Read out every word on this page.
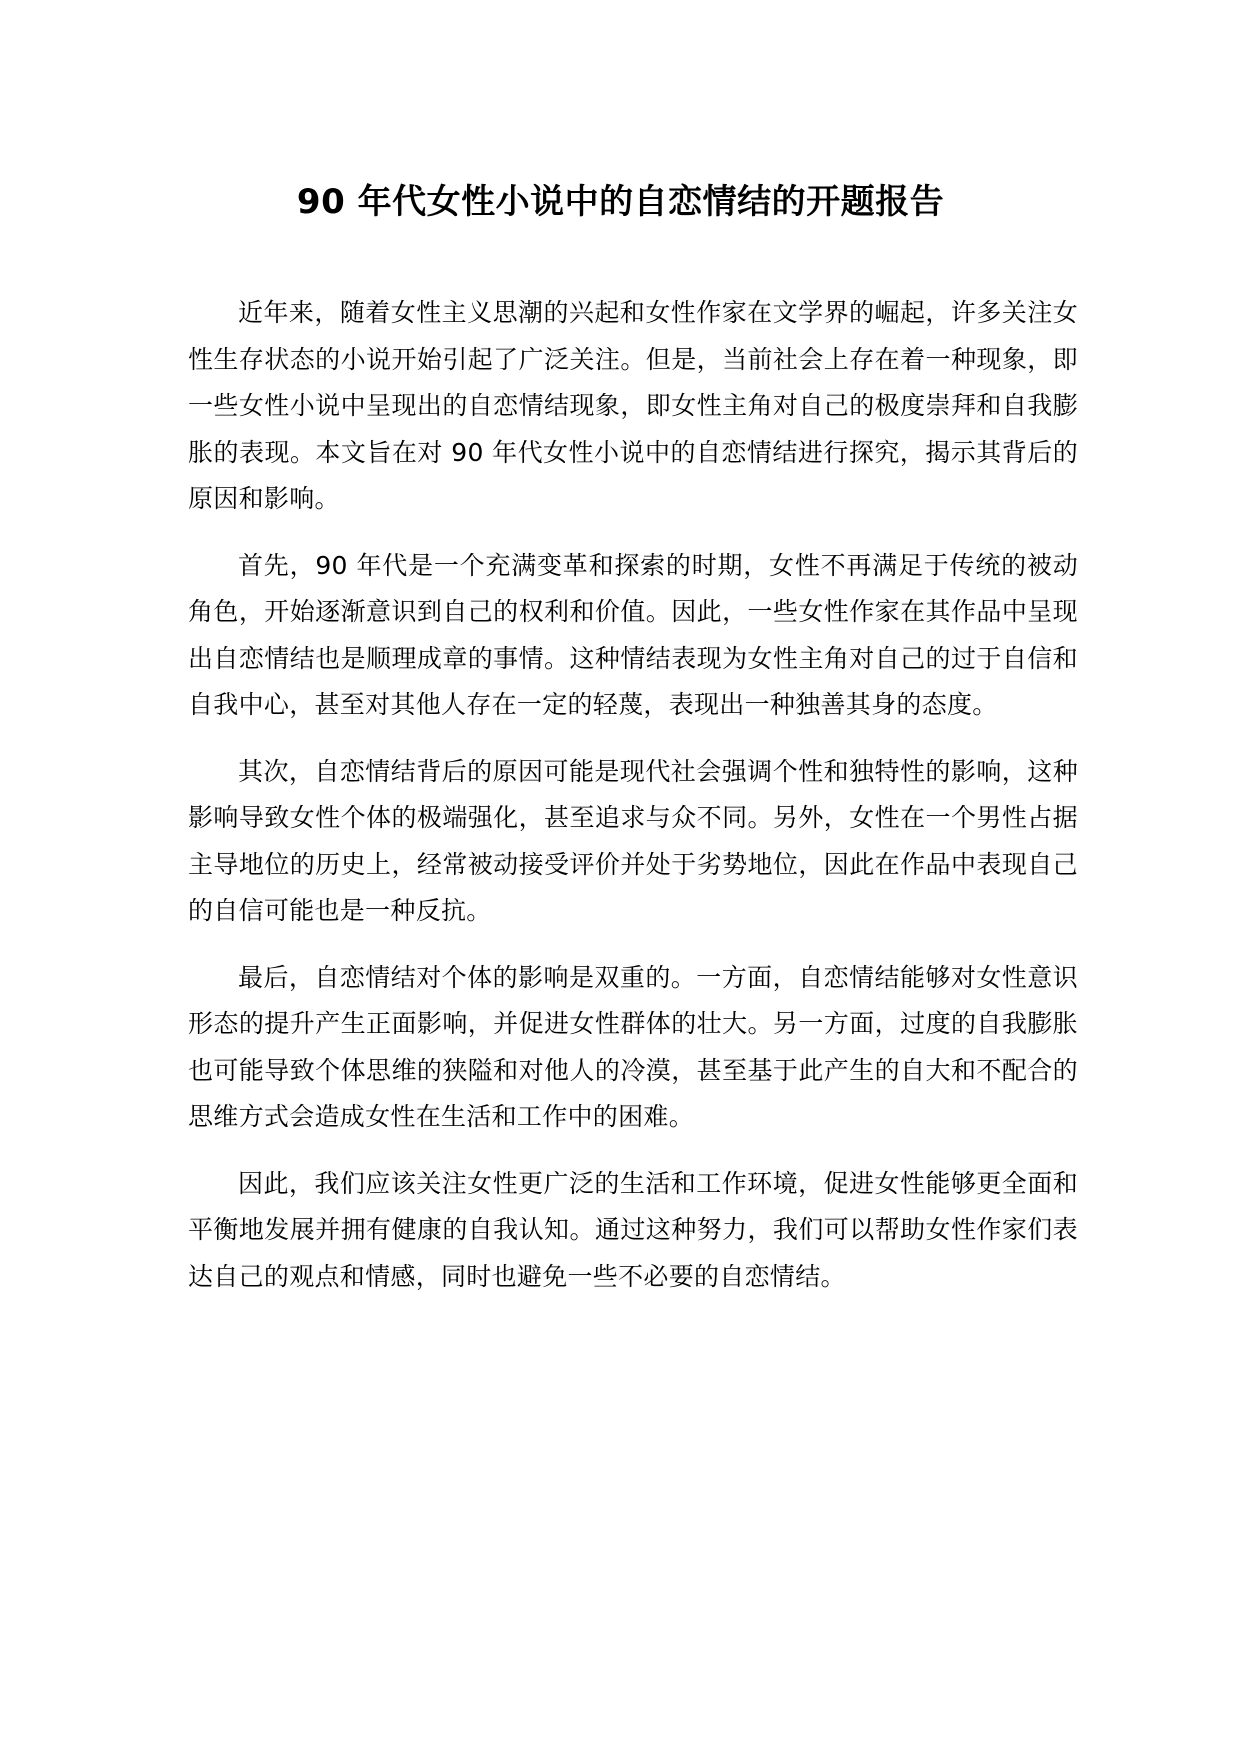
90 年代女性小说中的自恋情结的开题报告

近年来，随着女性主义思潮的兴起和女性作家在文学界的崛起，许多关注女性生存状态的小说开始引起了广泛关注。但是，当前社会上存在着一种现象，即一些女性小说中呈现出的自恋情结现象，即女性主角对自己的极度崇拜和自我膨胀的表现。本文旨在对 90 年代女性小说中的自恋情结进行探究，揭示其背后的原因和影响。

首先，90 年代是一个充满变革和探索的时期，女性不再满足于传统的被动角色，开始逐渐意识到自己的权利和价值。因此，一些女性作家在其作品中呈现出自恋情结也是顺理成章的事情。这种情结表现为女性主角对自己的过于自信和自我中心，甚至对其他人存在一定的轻蔑，表现出一种独善其身的态度。

其次，自恋情结背后的原因可能是现代社会强调个性和独特性的影响，这种影响导致女性个体的极端强化，甚至追求与众不同。另外，女性在一个男性占据主导地位的历史上，经常被动接受评价并处于劣势地位，因此在作品中表现自己的自信可能也是一种反抗。

最后，自恋情结对个体的影响是双重的。一方面，自恋情结能够对女性意识形态的提升产生正面影响，并促进女性群体的壮大。另一方面，过度的自我膨胀也可能导致个体思维的狭隘和对他人的冷漠，甚至基于此产生的自大和不配合的思维方式会造成女性在生活和工作中的困难。

因此，我们应该关注女性更广泛的生活和工作环境，促进女性能够更全面和平衡地发展并拥有健康的自我认知。通过这种努力，我们可以帮助女性作家们表达自己的观点和情感，同时也避免一些不必要的自恋情结。
